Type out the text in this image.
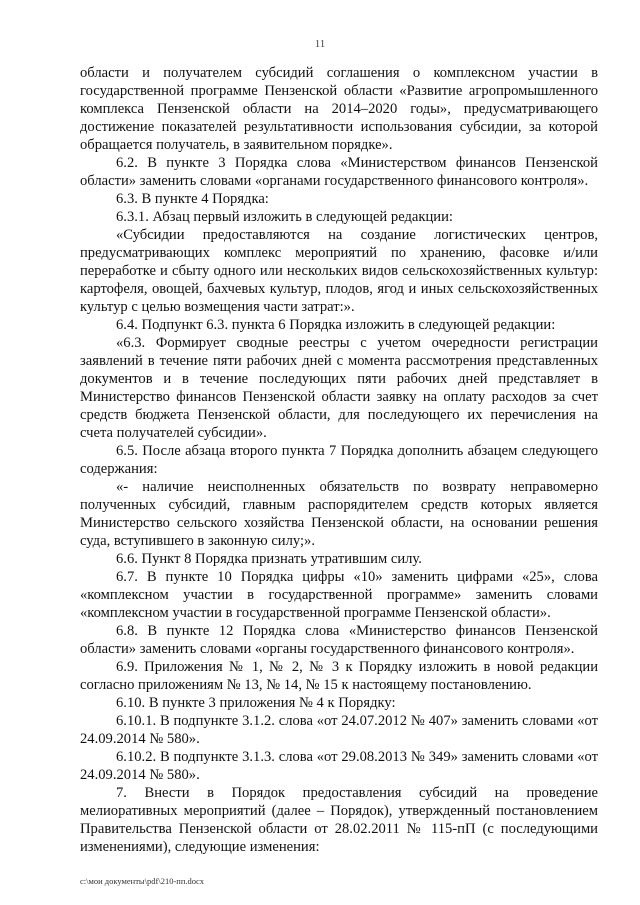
11

области и получателем субсидий соглашения о комплексном участии в государственной программе Пензенской области «Развитие агропромышленного комплекса Пензенской области на 2014–2020 годы», предусматривающего достижение показателей результативности использования субсидии, за которой обращается получатель, в заявительном порядке».

6.2. В пункте 3 Порядка слова «Министерством финансов Пензенской области» заменить словами «органами государственного финансового контроля».

6.3. В пункте 4 Порядка:

6.3.1. Абзац первый изложить в следующей редакции:

«Субсидии предоставляются на создание логистических центров, предусматривающих комплекс мероприятий по хранению, фасовке и/или переработке и сбыту одного или нескольких видов сельскохозяйственных культур: картофеля, овощей, бахчевых культур, плодов, ягод и иных сельскохозяйственных культур с целью возмещения части затрат:».

6.4. Подпункт 6.3. пункта 6 Порядка изложить в следующей редакции:

«6.3. Формирует сводные реестры с учетом очередности регистрации заявлений в течение пяти рабочих дней с момента рассмотрения представленных документов и в течение последующих пяти рабочих дней представляет в Министерство финансов Пензенской области заявку на оплату расходов за счет средств бюджета Пензенской области, для последующего их перечисления на счета получателей субсидии».

6.5. После абзаца второго пункта 7 Порядка дополнить абзацем следующего содержания:

«- наличие неисполненных обязательств по возврату неправомерно полученных субсидий, главным распорядителем средств которых является Министерство сельского хозяйства Пензенской области, на основании решения суда, вступившего в законную силу;».

6.6. Пункт 8 Порядка признать утратившим силу.

6.7. В пункте 10 Порядка цифры «10» заменить цифрами «25», слова «комплексном участии в государственной программе» заменить словами «комплексном участии в государственной программе Пензенской области».

6.8. В пункте 12 Порядка слова «Министерство финансов Пензенской области» заменить словами «органы государственного финансового контроля».

6.9. Приложения № 1, № 2, № 3 к Порядку изложить в новой редакции согласно приложениям № 13, № 14, № 15 к настоящему постановлению.

6.10. В пункте 3 приложения № 4 к Порядку:

6.10.1. В подпункте 3.1.2. слова «от 24.07.2012 № 407» заменить словами «от 24.09.2014 № 580».

6.10.2. В подпункте 3.1.3. слова «от 29.08.2013 № 349» заменить словами «от 24.09.2014 № 580».

7. Внести в Порядок предоставления субсидий на проведение мелиоративных мероприятий (далее – Порядок), утвержденный постановлением Правительства Пензенской области от 28.02.2011 № 115-пП (с последующими изменениями), следующие изменения:

c:\мои документы\pdf\210-пп.docx
